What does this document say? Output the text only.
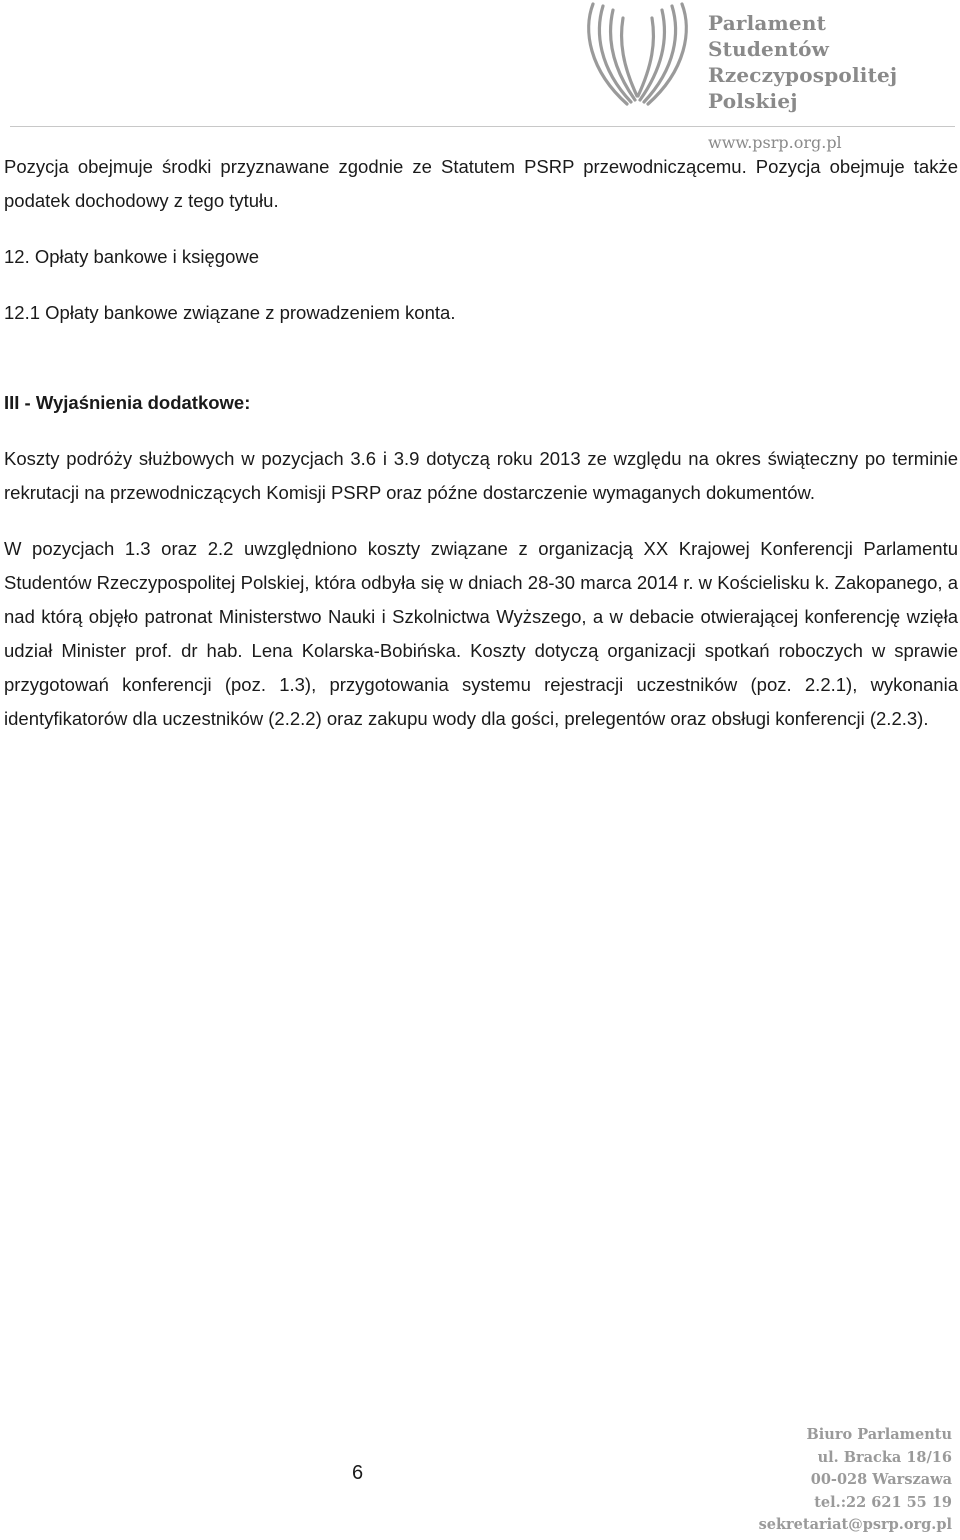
Parlament Studentów
Rzeczypospolitej Polskiej
www.psrp.org.pl

Pozycja obejmuje środki przyznawane zgodnie ze Statutem PSRP przewodniczącemu. Pozycja obejmuje także podatek dochodowy z tego tytułu.

12. Opłaty bankowe i księgowe

12.1 Opłaty bankowe związane z prowadzeniem konta.

III - Wyjaśnienia dodatkowe:

Koszty podróży służbowych w pozycjach 3.6 i 3.9 dotyczą roku 2013 ze względu na okres świąteczny po terminie rekrutacji na przewodniczących Komisji PSRP oraz późne dostarczenie wymaganych dokumentów.

W pozycjach 1.3 oraz 2.2 uwzględniono koszty związane z organizacją XX Krajowej Konferencji Parlamentu Studentów Rzeczypospolitej Polskiej, która odbyła się w dniach 28-30 marca 2014 r. w Kościelisku k. Zakopanego, a nad którą objęło patronat Ministerstwo Nauki i Szkolnictwa Wyższego, a w debacie otwierającej konferencję wzięła udział Minister prof. dr hab. Lena Kolarska-Bobińska. Koszty dotyczą organizacji spotkań roboczych w sprawie przygotowań konferencji (poz. 1.3), przygotowania systemu rejestracji uczestników (poz. 2.2.1), wykonania identyfikatorów dla uczestników (2.2.2) oraz zakupu wody dla gości, prelegentów oraz obsługi konferencji (2.2.3).

6
Biuro Parlamentu
ul. Bracka 18/16
00-028 Warszawa
tel.:22 621 55 19
sekretariat@psrp.org.pl
